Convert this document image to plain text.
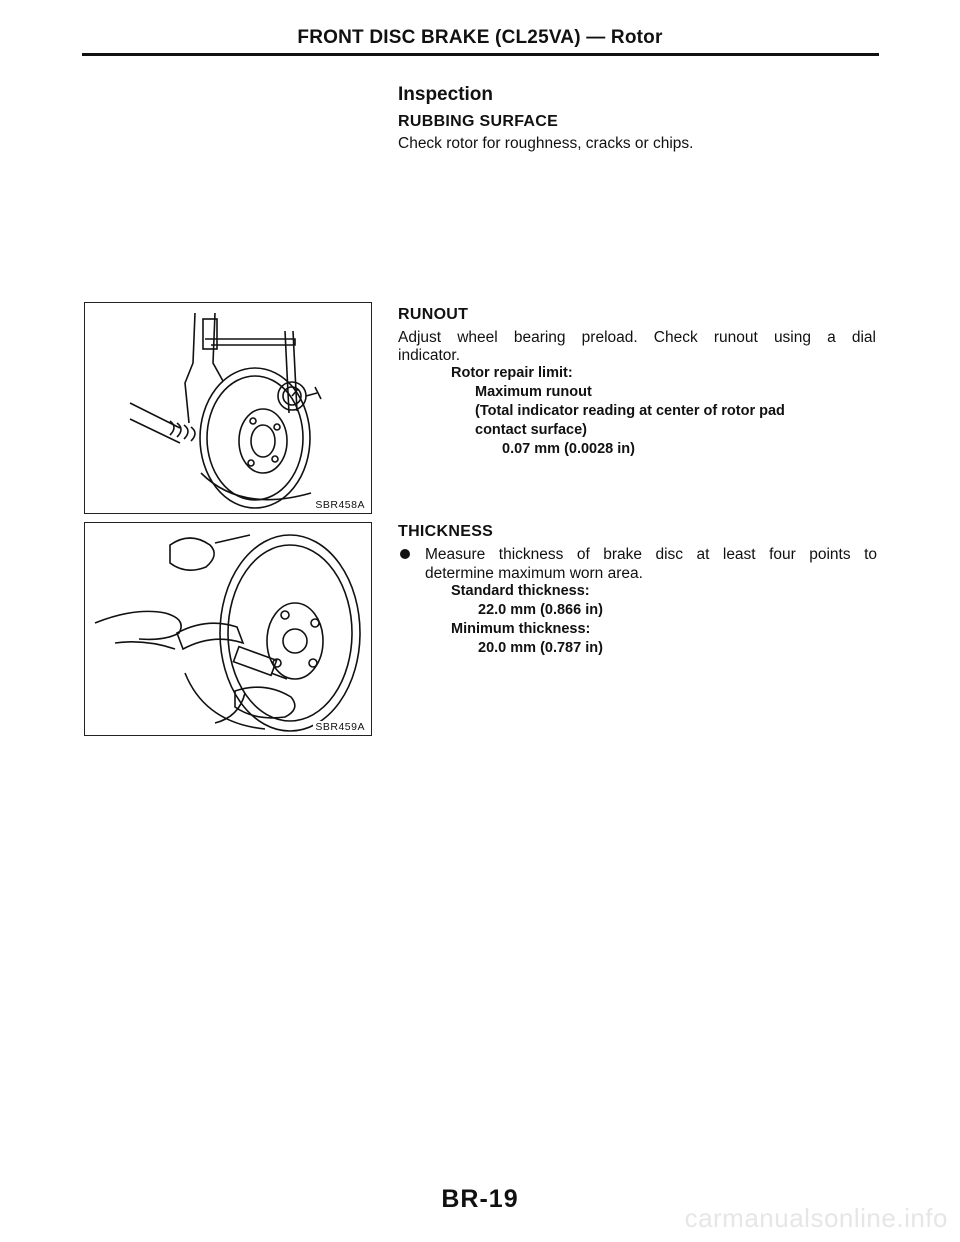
FRONT DISC BRAKE (CL25VA) — Rotor
Inspection
RUBBING SURFACE
Check rotor for roughness, cracks or chips.
RUNOUT
Adjust wheel bearing preload. Check runout using a dial
indicator.
Rotor repair limit:
Maximum runout
(Total indicator reading at center of rotor pad
contact surface)
0.07 mm (0.0028 in)
THICKNESS
Measure thickness of brake disc at least four points to
determine maximum worn area.
Standard thickness:
22.0 mm (0.866 in)
Minimum thickness:
20.0 mm (0.787 in)
SBR458A
SBR459A
BR-19
carmanualsonline.info
